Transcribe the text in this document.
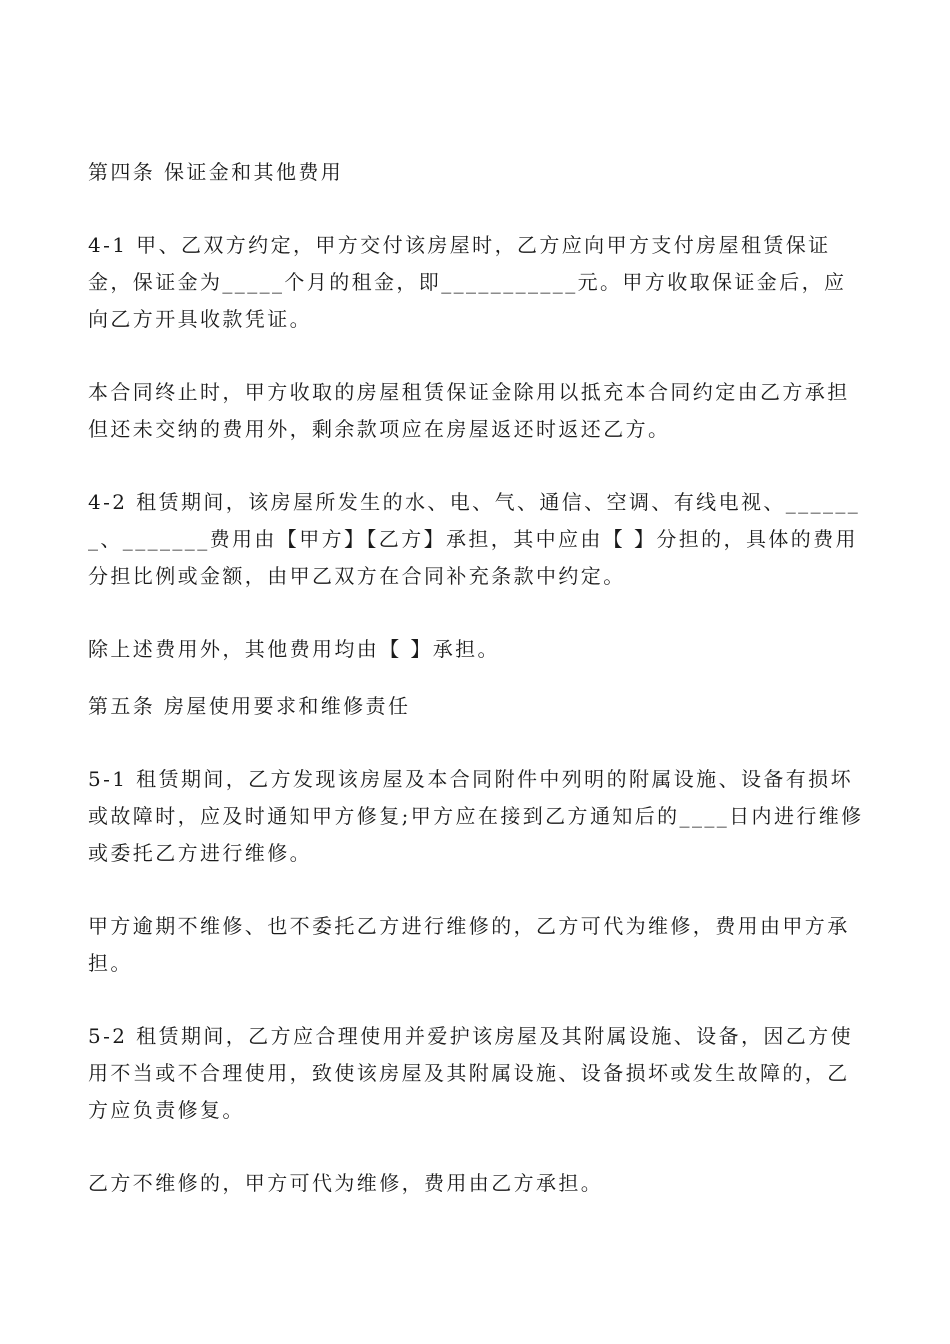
第四条 保证金和其他费用

4-1 甲、乙双方约定，甲方交付该房屋时，乙方应向甲方支付房屋租赁保证金，保证金为_____个月的租金，即___________元。甲方收取保证金后，应向乙方开具收款凭证。

本合同终止时，甲方收取的房屋租赁保证金除用以抵充本合同约定由乙方承担但还未交纳的费用外，剩余款项应在房屋返还时返还乙方。

4-2 租赁期间，该房屋所发生的水、电、气、通信、空调、有线电视、_______、_______费用由【甲方】【乙方】承担，其中应由【 】分担的，具体的费用分担比例或金额，由甲乙双方在合同补充条款中约定。

除上述费用外，其他费用均由【 】承担。

第五条 房屋使用要求和维修责任

5-1 租赁期间，乙方发现该房屋及本合同附件中列明的附属设施、设备有损坏或故障时，应及时通知甲方修复;甲方应在接到乙方通知后的____日内进行维修或委托乙方进行维修。

甲方逾期不维修、也不委托乙方进行维修的，乙方可代为维修，费用由甲方承担。

5-2 租赁期间，乙方应合理使用并爱护该房屋及其附属设施、设备，因乙方使用不当或不合理使用，致使该房屋及其附属设施、设备损坏或发生故障的，乙方应负责修复。

乙方不维修的，甲方可代为维修，费用由乙方承担。
